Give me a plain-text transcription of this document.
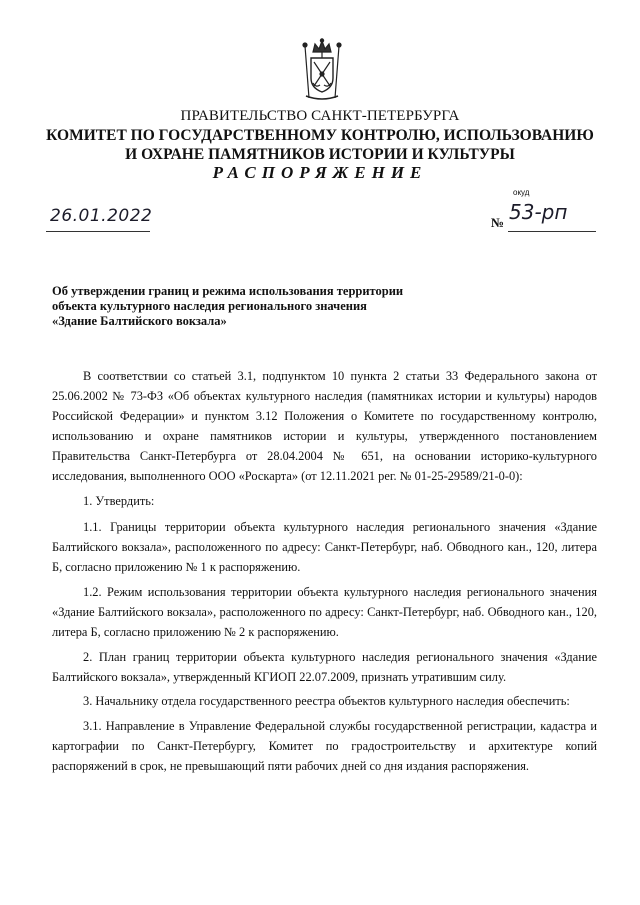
ПРАВИТЕЛЬСТВО САНКТ-ПЕТЕРБУРГА
КОМИТЕТ ПО ГОСУДАРСТВЕННОМУ КОНТРОЛЮ, ИСПОЛЬЗОВАНИЮ
И ОХРАНЕ ПАМЯТНИКОВ ИСТОРИИ И КУЛЬТУРЫ
РАСПОРЯЖЕНИЕ
окуд
26.01.2022	№ 53-рп
Об утверждении границ и режима использования территории
объекта культурного наследия регионального значения
«Здание Балтийского вокзала»

В соответствии со статьей 3.1, подпунктом 10 пункта 2 статьи 33 Федерального закона от 25.06.2002 № 73-ФЗ «Об объектах культурного наследия (памятниках истории и культуры) народов Российской Федерации» и пунктом 3.12 Положения о Комитете по государственному контролю, использованию и охране памятников истории и культуры, утвержденного постановлением Правительства Санкт-Петербурга от 28.04.2004 № 651, на основании историко-культурного исследования, выполненного ООО «Роскарта» (от 12.11.2021 рег. № 01-25-29589/21-0-0):

1. Утвердить:

1.1. Границы территории объекта культурного наследия регионального значения «Здание Балтийского вокзала», расположенного по адресу: Санкт-Петербург, наб. Обводного кан., 120, литера Б, согласно приложению № 1 к распоряжению.

1.2. Режим использования территории объекта культурного наследия регионального значения «Здание Балтийского вокзала», расположенного по адресу: Санкт-Петербург, наб. Обводного кан., 120, литера Б, согласно приложению № 2 к распоряжению.

2. План границ территории объекта культурного наследия регионального значения «Здание Балтийского вокзала», утвержденный КГИОП 22.07.2009, признать утратившим силу.

3. Начальнику отдела государственного реестра объектов культурного наследия обеспечить:

3.1. Направление в Управление Федеральной службы государственной регистрации, кадастра и картографии по Санкт-Петербургу, Комитет по градостроительству и архитектуре копий распоряжений в срок, не превышающий пяти рабочих дней со дня издания распоряжения.
